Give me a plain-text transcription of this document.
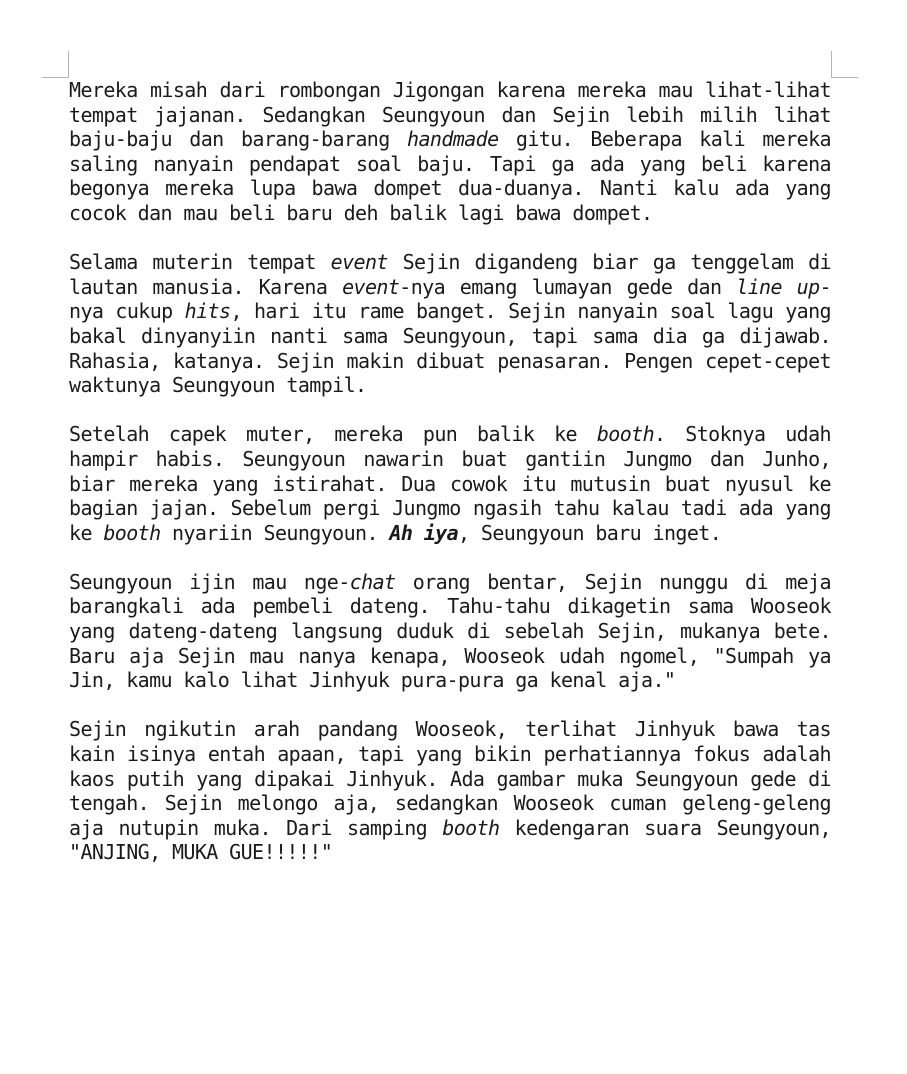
Mereka misah dari rombongan Jigongan karena mereka mau lihat-lihat tempat jajanan. Sedangkan Seungyoun dan Sejin lebih milih lihat baju-baju dan barang-barang handmade gitu. Beberapa kali mereka saling nanyain pendapat soal baju. Tapi ga ada yang beli karena begonya mereka lupa bawa dompet dua-duanya. Nanti kalu ada yang cocok dan mau beli baru deh balik lagi bawa dompet.

Selama muterin tempat event Sejin digandeng biar ga tenggelam di lautan manusia. Karena event-nya emang lumayan gede dan line up-nya cukup hits, hari itu rame banget. Sejin nanyain soal lagu yang bakal dinyanyiin nanti sama Seungyoun, tapi sama dia ga dijawab. Rahasia, katanya. Sejin makin dibuat penasaran. Pengen cepet-cepet waktunya Seungyoun tampil.

Setelah capek muter, mereka pun balik ke booth. Stoknya udah hampir habis. Seungyoun nawarin buat gantiin Jungmo dan Junho, biar mereka yang istirahat. Dua cowok itu mutusin buat nyusul ke bagian jajan. Sebelum pergi Jungmo ngasih tahu kalau tadi ada yang ke booth nyariin Seungyoun. Ah iya, Seungyoun baru inget.

Seungyoun ijin mau nge-chat orang bentar, Sejin nunggu di meja barangkali ada pembeli dateng. Tahu-tahu dikagetin sama Wooseok yang dateng-dateng langsung duduk di sebelah Sejin, mukanya bete. Baru aja Sejin mau nanya kenapa, Wooseok udah ngomel, "Sumpah ya Jin, kamu kalo lihat Jinhyuk pura-pura ga kenal aja."

Sejin ngikutin arah pandang Wooseok, terlihat Jinhyuk bawa tas kain isinya entah apaan, tapi yang bikin perhatiannya fokus adalah kaos putih yang dipakai Jinhyuk. Ada gambar muka Seungyoun gede di tengah. Sejin melongo aja, sedangkan Wooseok cuman geleng-geleng aja nutupin muka. Dari samping booth kedengaran suara Seungyoun, "ANJING, MUKA GUE!!!!!"
